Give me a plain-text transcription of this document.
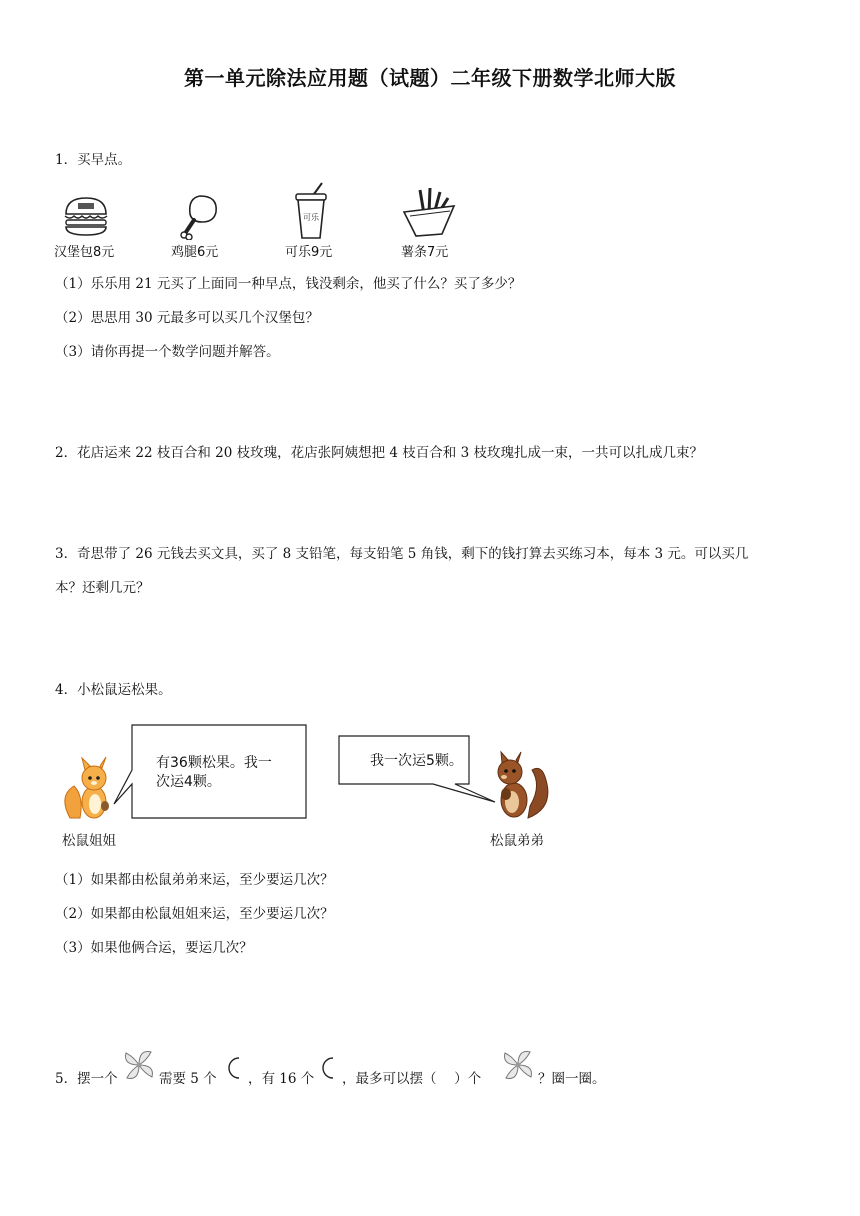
第一单元除法应用题（试题）二年级下册数学北师大版
1．买早点。
可乐
汉堡包8元	鸡腿6元	可乐9元	薯条7元
（1）乐乐用 21 元买了上面同一种早点，钱没剩余，他买了什么？买了多少？
（2）思思用 30 元最多可以买几个汉堡包？
（3）请你再提一个数学问题并解答。
2．花店运来 22 枝百合和 20 枝玫瑰，花店张阿姨想把 4 枝百合和 3 枝玫瑰扎成一束，一共可以扎成几束？
3．奇思带了 26 元钱去买文具，买了 8 支铅笔，每支铅笔 5 角钱，剩下的钱打算去买练习本，每本 3 元。可以买几
本？还剩几元？
4．小松鼠运松果。
有36颗松果。我一
次运4颗。
松鼠姐姐
我一次运5颗。
松鼠弟弟
（1）如果都由松鼠弟弟来运，至少要运几次？
（2）如果都由松鼠姐姐来运，至少要运几次？
（3）如果他俩合运，要运几次？
5．摆一个	需要 5 个 ，有 16 个 ，最多可以摆（　 ）个	？圈一圈。
